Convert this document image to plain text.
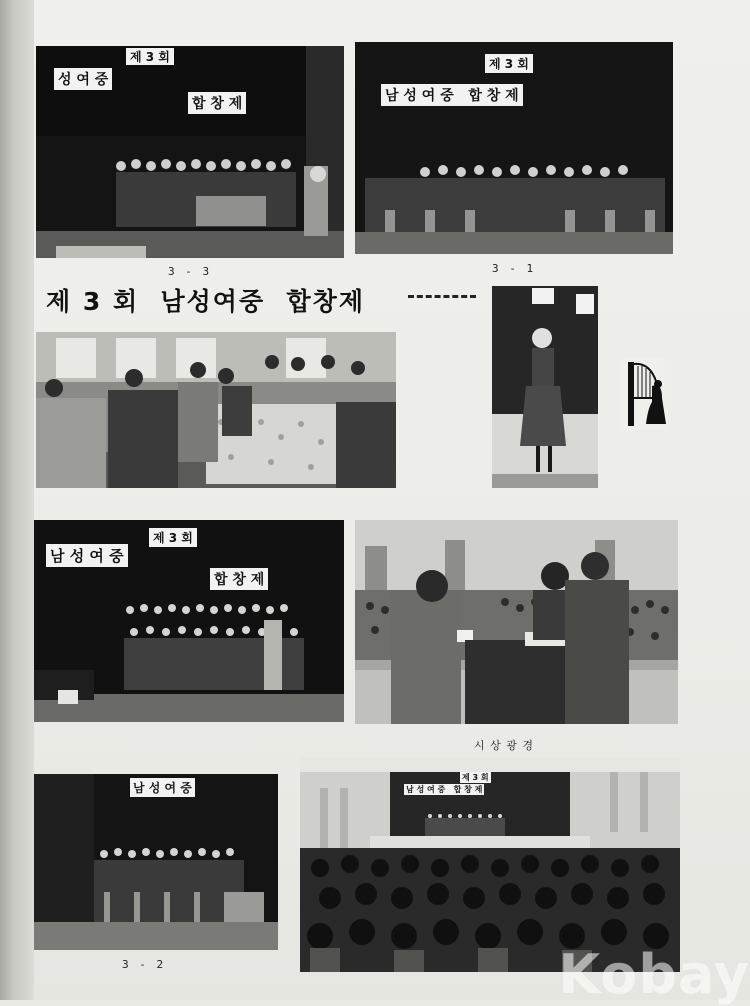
제 3 회
성 여 중
합 창 제
3 - 3
제 3 회
남 성 여 중   합 창 제
3 - 1
제 3 회  남성여중  합창제
제 3 회
남 성 여 중
합 창 제
시 상 광 경
남 성 여 중
3 - 2
제 3 회
남 성 여 중   합 창 제
Kobay
